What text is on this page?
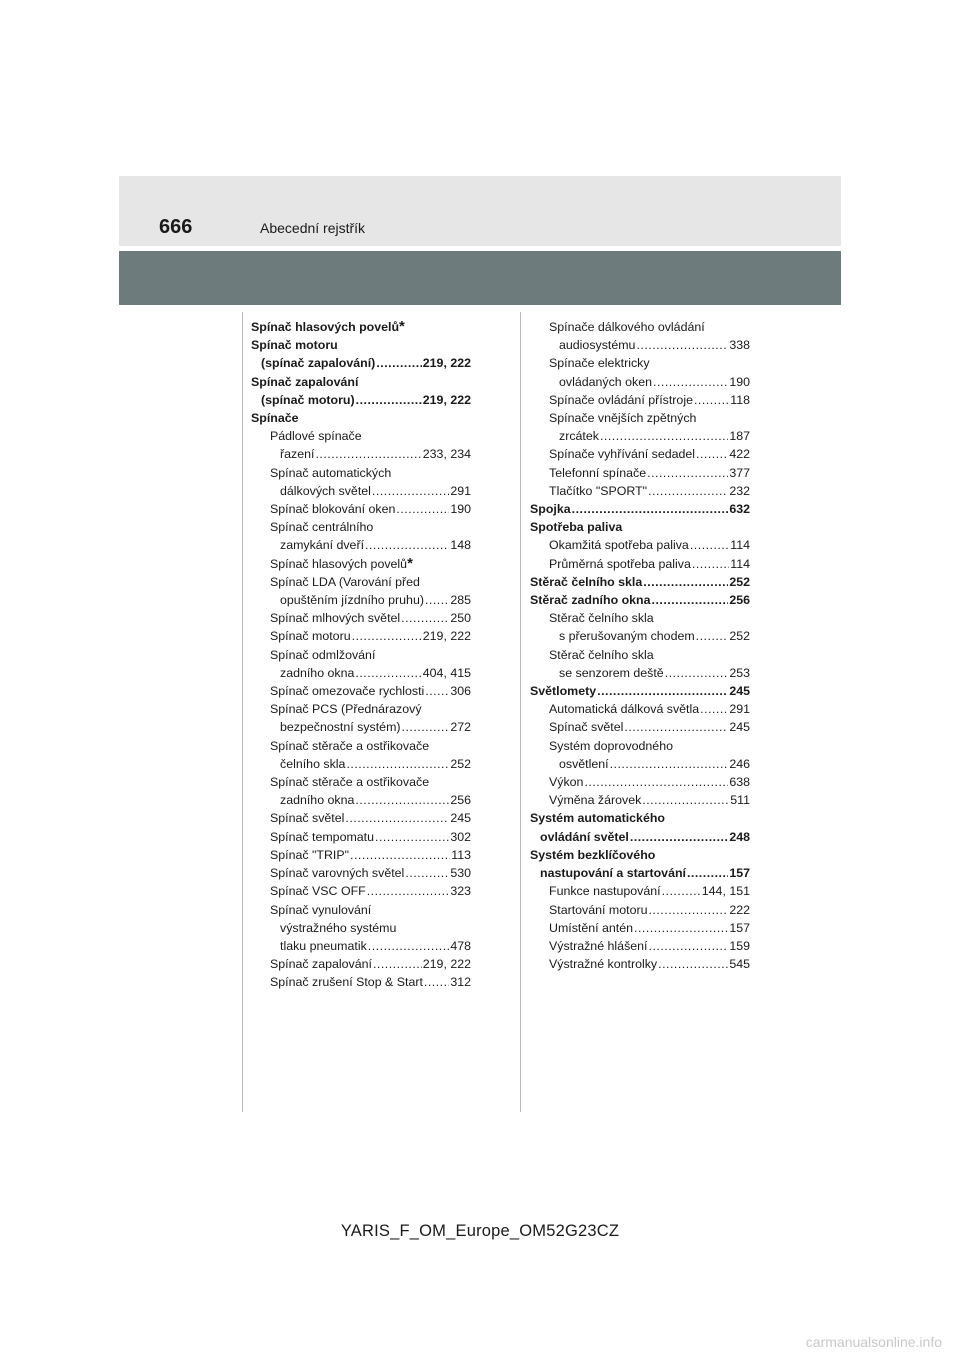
666	Abecední rejstřík
Spínač hlasových povelů *
Spínač motoru
(spínač zapalování) .....	219, 222
Spínač zapalování
(spínač motoru) .....	219, 222
Spínače
Pádlové spínače
řazení .....	233, 234
Spínač automatických
dálkových světel .....	291
Spínač blokování oken .....	190
Spínač centrálního
zamykání dveří .....	148
Spínač hlasových povelů *
Spínač LDA (Varování před
opuštěním jízdního pruhu) ..... 285
Spínač mlhových světel .....	250
Spínač motoru .....	219, 222
Spínač odmlžování
zadního okna .....	404, 415
Spínač omezovače rychlosti ..... 306
Spínač PCS (Přednárazový
bezpečnostní systém) .....	272
Spínač stěrače a ostřikovače
čelního skla .....	252
Spínač stěrače a ostřikovače
zadního okna .....	256
Spínač světel .....	245
Spínač tempomatu .....	302
Spínač "TRIP" .....	113
Spínač varovných světel .....	530
Spínač VSC OFF .....	323
Spínač vynulování
výstražného systému
tlaku pneumatik .....	478
Spínač zapalování .....	219, 222
Spínač zrušení Stop & Start ..... 312
Spínače dálkového ovládání
audiosystému .....	338
Spínače elektricky
ovládaných oken .....	190
Spínače ovládání přístroje .....	118
Spínače vnějších zpětných
zrcátek .....	187
Spínače vyhřívání sedadel .....	422
Telefonní spínače .....	377
Tlačítko "SPORT" .....	232
Spojka .....	632
Spotřeba paliva
Okamžitá spotřeba paliva .....	114
Průměrná spotřeba paliva .....	114
Stěrač čelního skla .....	252
Stěrač zadního okna .....	256
Stěrač čelního skla
s přerušovaným chodem .....	252
Stěrač čelního skla
se senzorem deště .....	253
Světlomety .....	245
Automatická dálková světla ..... 291
Spínač světel .....	245
Systém doprovodného
osvětlení .....	246
Výkon .....	638
Výměna žárovek .....	511
Systém automatického
ovládání světel .....	248
Systém bezklíčového
nastupování a startování .....	157
Funkce nastupování .....	144, 151
Startování motoru .....	222
Umístění antén .....	157
Výstražné hlášení .....	159
Výstražné kontrolky .....	545
YARIS_F_OM_Europe_OM52G23CZ
carmanualsonline.info
